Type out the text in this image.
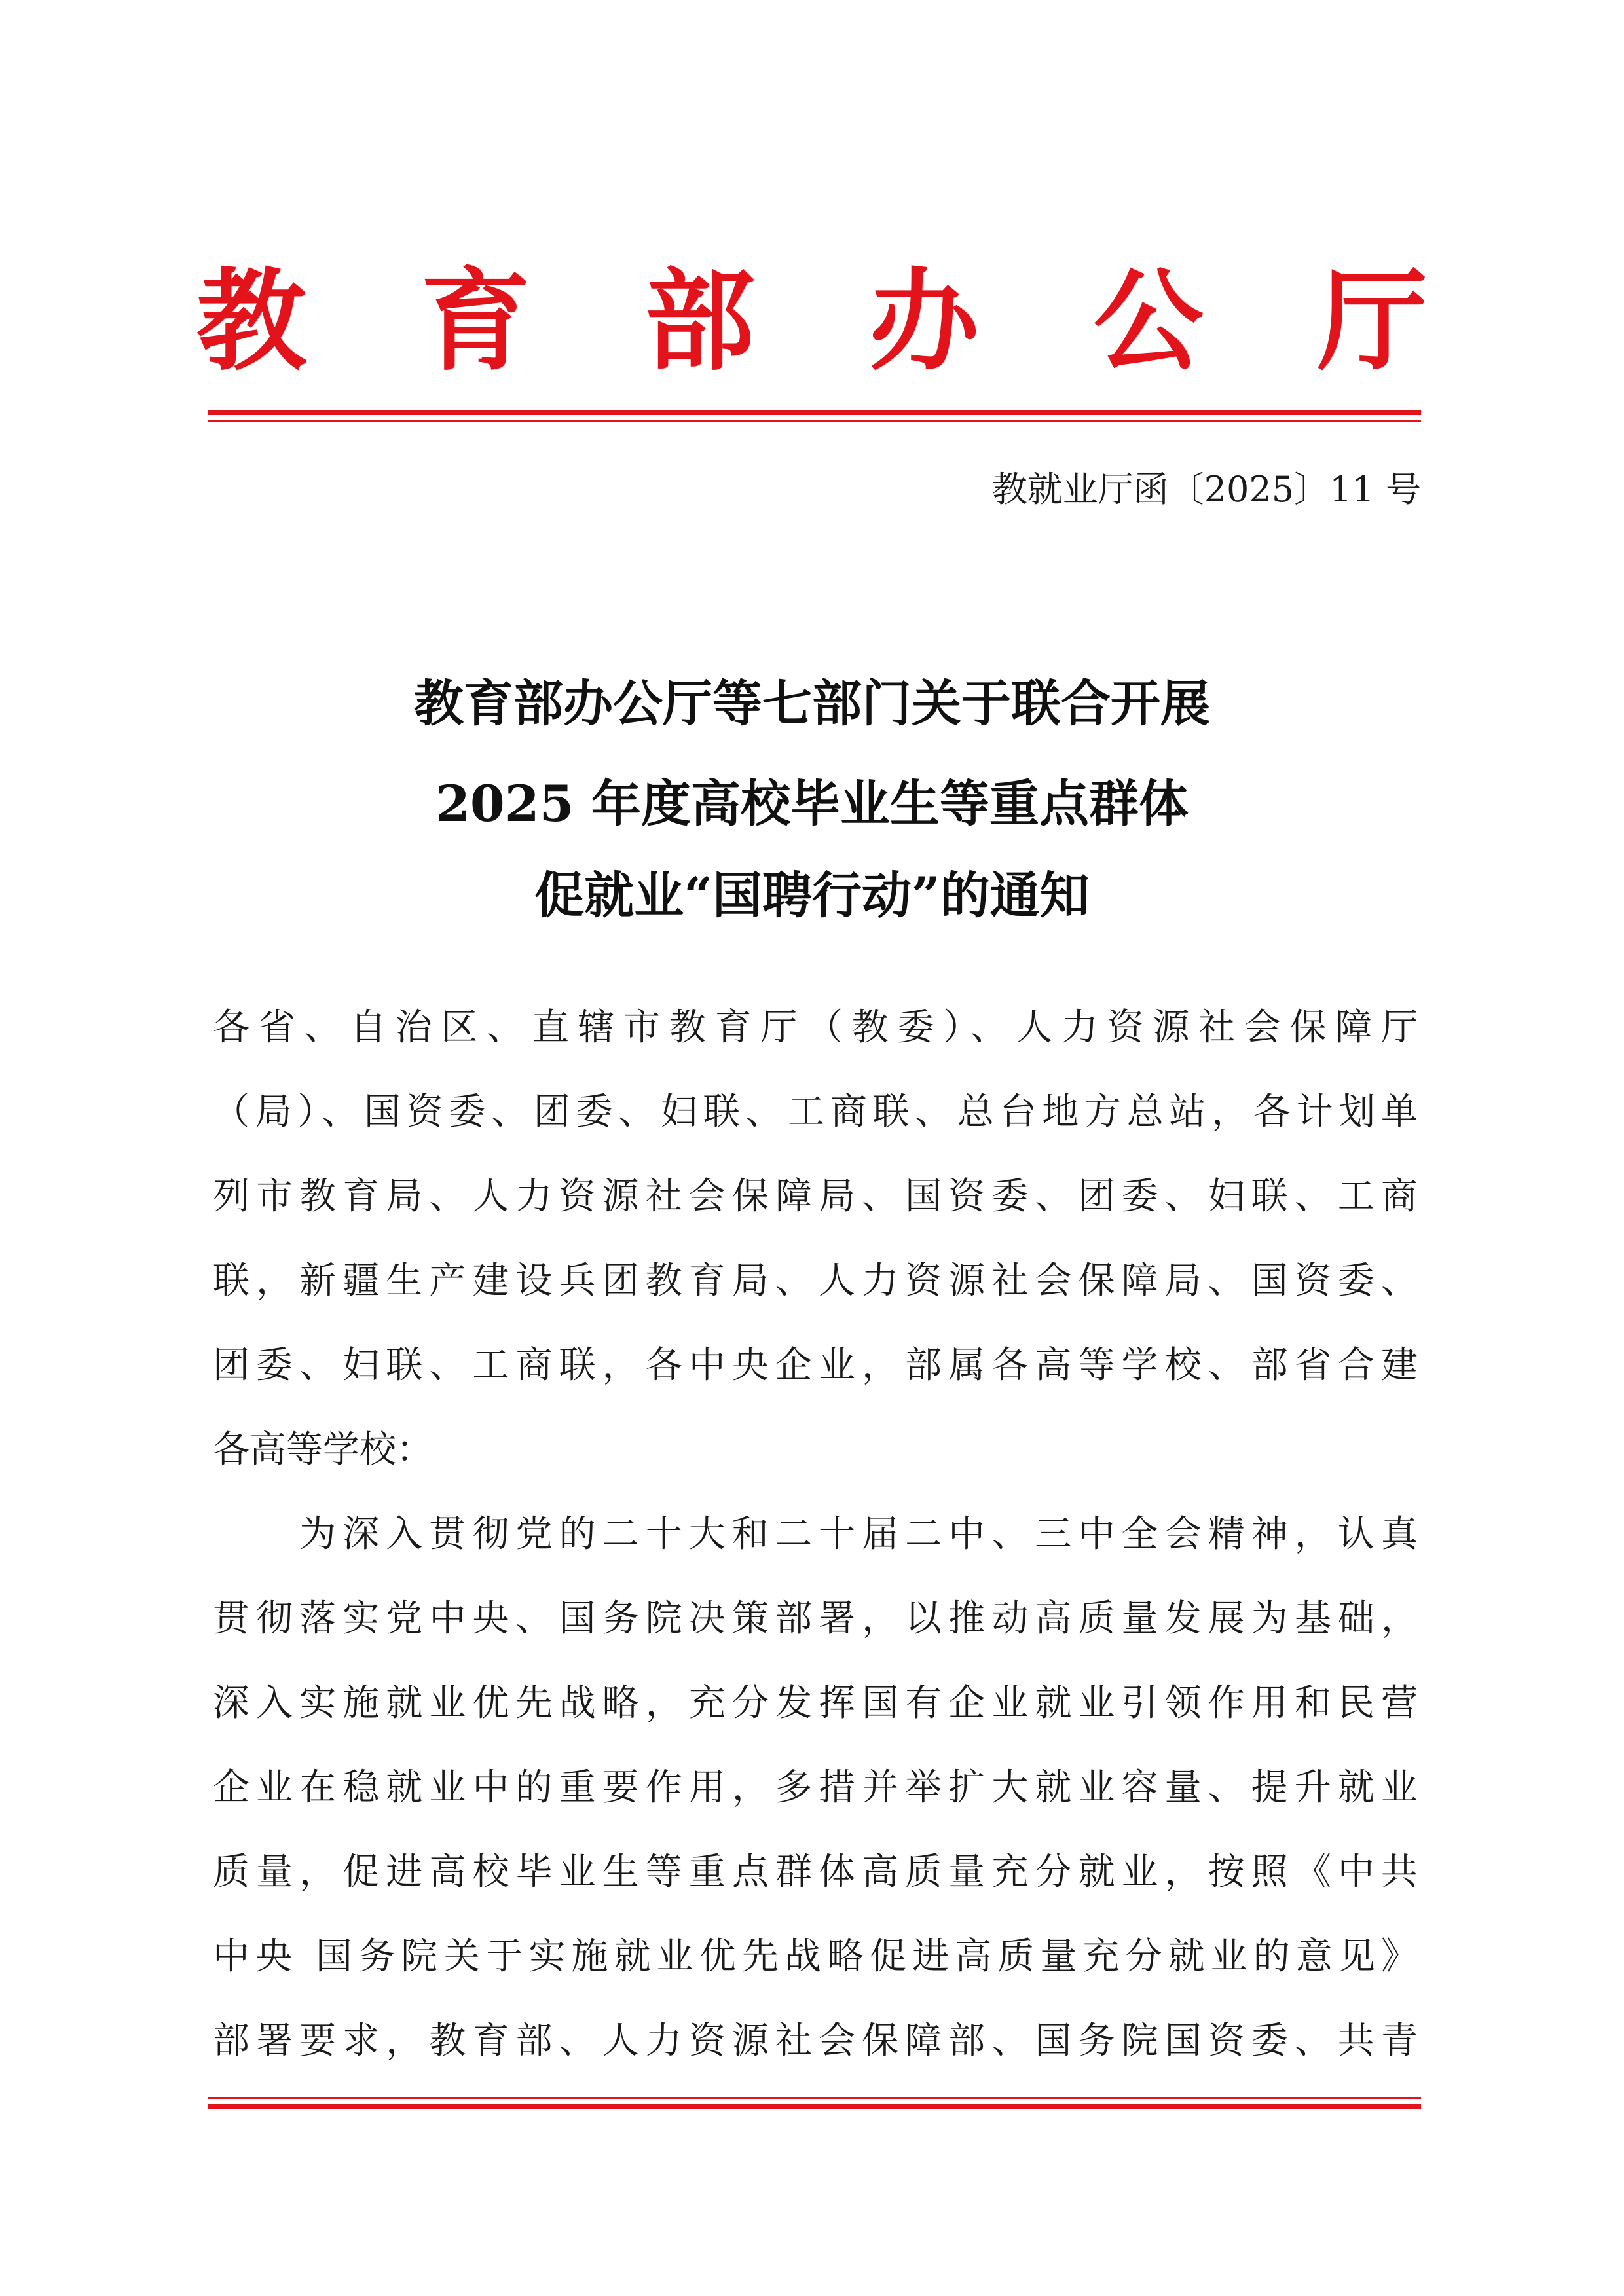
教 育 部 办 公 厅
教就业厅函〔2025〕11 号
教育部办公厅等七部门关于联合开展
2025 年度高校毕业生等重点群体
促就业“国聘行动”的通知
各省、自治区、直辖市教育厅（教委）、人力资源社会保障厅
（局）、国资委、团委、妇联、工商联、总台地方总站，各计划单
列市教育局、人力资源社会保障局、国资委、团委、妇联、工商
联，新疆生产建设兵团教育局、人力资源社会保障局、国资委、
团委、妇联、工商联，各中央企业，部属各高等学校、部省合建
各高等学校：
　　为深入贯彻党的二十大和二十届二中、三中全会精神，认真
贯彻落实党中央、国务院决策部署，以推动高质量发展为基础，
深入实施就业优先战略，充分发挥国有企业就业引领作用和民营
企业在稳就业中的重要作用，多措并举扩大就业容量、提升就业
质量，促进高校毕业生等重点群体高质量充分就业，按照《中共
中央 国务院关于实施就业优先战略促进高质量充分就业的意见》
部署要求，教育部、人力资源社会保障部、国务院国资委、共青
